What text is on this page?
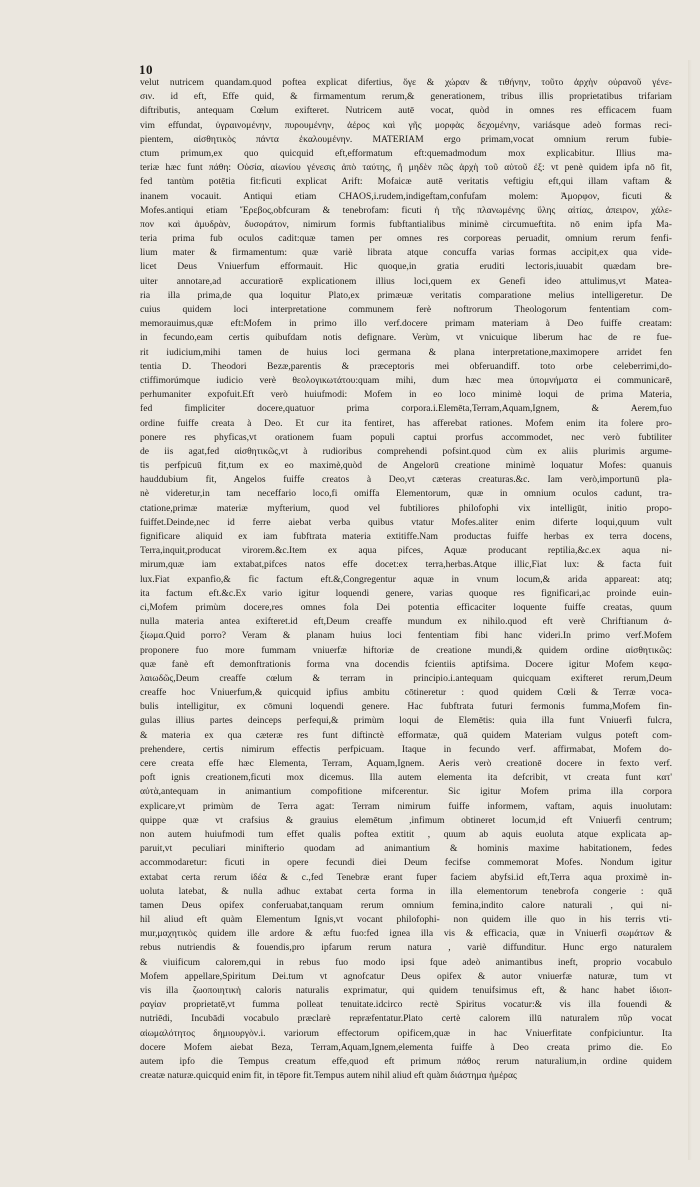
10
velut nutricem quandam.quod poftea explicat difertius, ὅγε & χώραν & τιθήνην, τοῦτο ἀρχὴν οὐρανοῦ γένε-
σιν. id eft, Effe quid, & firmamentum rerum,& generationem, tribus illis proprietatibus trifariam
diftributis, antequam Cœlum exifteret. Nutricem autē vocat, quòd in omnes res efficacem fuam
vim effundat, ὑγραινομένην, πυρουμένην, ἀέρος καὶ γῆς μορφὰς δεχομένην, variásque adeò formas reci-
pientem, αἰσθητικὸς πάντα ἐκαλουμένην. MATERIAM ergo primam,vocat omnium rerum fubie-
ctum primum,ex quo quicquid eft,efformatum eft:quemadmodum mox explicabitur. Illius ma-
teriæ hæc funt πάθη: Οὐσία, αἰωνίου γένεσις ἀπὸ ταύτης, ἢ μηδὲν πῶς ἀρχὴ τοῦ αὐτοῦ ἐξ: vt penè quidem ipfa nō fit,
fed tantùm potētia fit:ficuti explicat Arift: Mofaicæ autē veritatis veftigiu eft,qui illam vaftam &
inanem vocauit. Antiqui etiam CHAOS,i.rudem,indigeftam,confufam molem: Ἀμορφον, ficuti &
Mofes.antiqui etiam Ἔρεβος,obfcuram & tenebrofam: ficuti ἡ τῆς πλανωμένης ὕλης αἰτίας, ἀπειρον, χάλε-
πον καὶ ἀμυδρὰν, δυσοράτον, nimirum formis fubftantialibus minimè circumueftita. nō enim ipfa Ma-
teria prima fub oculos cadit:quæ tamen per omnes res corporeas peruadit, omnium rerum fenfi-
lium mater & firmamentum: quæ variè librata atque concuffa varias formas accipit,ex qua vide-
licet Deus Vniuerfum efformauit. Hic quoque,in gratia eruditi lectoris,iuuabit quædam bre-
uiter annotare,ad accuratiorē explicationem illius loci,quem ex Genefi ideo attulimus,vt Matea-
ria illa prima,de qua loquitur Plato,ex primæuæ veritatis comparatione melius intelligeretur. De
cuius quidem loci interpretatione communem ferè noftrorum Theologorum fententiam com-
memorauimus,quæ eft:Mofem in primo illo verf.docere primam materiam à Deo fuiffe creatam:
in fecundo,eam certis quibufdam notis defignare. Verùm, vt vnicuique liberum hac de re fue-
rit iudicium,mihi tamen de huius loci germana & plana interpretatione,maximopere arridet fen
tentia D. Theodori Bezæ,parentis & præceptoris mei obferuandiff. toto orbe celeberrimi,do-
ctiffimorúmque iudicio verè θεολογικωτάτου:quam mihi, dum hæc mea ὑπομνήματα ei communicarē,
perhumaniter expofuit.Eft verò huiufmodi: Mofem in eo loco minimè loqui de prima Materia,
fed fimpliciter docere,quatuor prima corpora.i.Elemēta,Terram,Aquam,Ignem, & Aerem,fuo
ordine fuiffe creata à Deo. Et cur ita fentiret, has afferebat rationes. Mofem enim ita folere pro-
ponere res phyficas,vt orationem fuam populi captui prorfus accommodet, nec verò fubtiliter
de iis agat,fed αἰσθητικῶς,vt à rudioribus comprehendi pofsint.quod cùm ex aliis plurimis argume-
tis perfpicuū fit,tum ex eo maximè,quòd de Angelorū creatione minimè loquatur Mofes: quanuis
hauddubium fit, Angelos fuiffe creatos à Deo,vt cæteras creaturas.&c. Iam verò,importunū pla-
nè videretur,in tam neceffario loco,fi omiffa Elementorum, quæ in omnium oculos cadunt, tra-
ctatione,primæ materiæ myfterium, quod vel fubtiliores philofophi vix intelligūt, initio propo-
fuiffet.Deinde,nec id ferre aiebat verba quibus vtatur Mofes.aliter enim diferte loqui,quum vult
fignificare aliquid ex iam fubftrata materia extitiffe.Nam productas fuiffe herbas ex terra docens,
Terra,inquit,producat virorem.&c.Item ex aqua pifces, Aquæ producant reptilia,&c.ex aqua ni-
mirum,quæ iam extabat,pifces natos effe docet:ex terra,herbas.Atque illic,Fiat lux: & facta fuit
lux.Fiat expanfio,& fic factum eft.&,Congregentur aquæ in vnum locum,& arida appareat: atq;
ita factum eft.&c.Ex vario igitur loquendi genere, varias quoque res fignificari,ac proinde euin-
ci,Mofem primùm docere,res omnes fola Dei potentia efficaciter loquente fuiffe creatas, quum
nulla materia antea exifteret.id eft,Deum creaffe mundum ex nihilo.quod eft verè Chriftianum ἀ-
ξίωμα.Quid porro? Veram & planam huius loci fententiam fibi hanc videri.In primo verf.Mofem
proponere fuo more fummam vniuerfæ hiftoriæ de creatione mundi,& quidem ordine αἰσθητικῶς:
quæ fanè eft demonftrationis forma vna docendis fcientiis aptifsima. Docere igitur Mofem κεφα-
λαιωδῶς,Deum creaffe cœlum & terram in principio.i.antequam quicquam exifteret rerum,Deum
creaffe hoc Vniuerfum,& quicquid ipfius ambitu cōtineretur : quod quidem Cœli & Terræ voca-
bulis intelligitur, ex cōmuni loquendi genere. Hac fubftrata futuri fermonis fumma,Mofem fin-
gulas illius partes deinceps perfequi,& primùm loqui de Elemētis: quia illa funt Vniuerfi fulcra,
& materia ex qua cæteræ res funt diftinctè efformatæ, quā quidem Materiam vulgus poteft com-
prehendere, certis nimirum effectis perfpicuam. Itaque in fecundo verf. affirmabat, Mofem do-
cere creata effe hæc Elementa, Terram, Aquam,Ignem. Aeris verò creationē docere in fexto verf.
poft ignis creationem,ficuti mox dicemus. Illa autem elementa ita defcribit, vt creata funt κατ'
αὐτὰ,antequam in animantium compofitione mifcerentur. Sic igitur Mofem prima illa corpora
explicare,vt primùm de Terra agat: Terram nimirum fuiffe informem, vaftam, aquis inuolutam:
quippe quæ vt crafsius & grauius elemētum ,infimum obtineret locum,id eft Vniuerfi centrum;
non autem huiufmodi tum effet qualis poftea extitit , quum ab aquis euoluta atque explicata ap-
paruit,vt peculiari minifterio quodam ad animantium & hominis maxime habitationem, fedes
accommodaretur: ficuti in opere fecundi diei Deum fecifse commemorat Mofes. Nondum igitur
extabat certa rerum ἰδέα & c.,fed Tenebræ erant fuper faciem abyfsi.id eft,Terra aqua proximè in-
uoluta latebat, & nulla adhuc extabat certa forma in illa elementorum tenebrofa congerie : quā
tamen Deus opifex conferuabat,tanquam rerum omnium femina,indito calore naturali , qui ni-
hil aliud eft quàm Elementum Ignis,vt vocant philofophi- non quidem ille quo in his terris vti-
mur,μαχητικὸς quidem ille ardore & æftu fuo:fed ignea illa vis & efficacia, quæ in Vniuerfi σωμάτων &
rebus nutriendis & fouendis,pro ipfarum rerum natura , variè diffunditur. Hunc ergo naturalem
& viuificum calorem,qui in rebus fuo modo ipsi fque adeò animantibus ineft, proprio vocabulo
Mofem appellare,Spiritum Dei.tum vt agnofcatur Deus opifex & autor vniuerfæ naturæ, tum vt
vis illa ζωοποιητικὴ caloris naturalis exprimatur, qui quidem tenuifsimus eft, & hanc habet ἰδιοπ-
ραγίαν proprietatē,vt fumma polleat tenuitate.idcirco rectè Spiritus vocatur:& vis illa fouendi &
nutriēdi, Incubādi vocabulo præclarè repræfentatur.Plato certè calorem illū naturalem πῦρ vocat
αἰωμαλότητος δημιουργὸν.i. variorum effectorum opificem,quæ in hac Vniuerfitate confpiciuntur. Ita
docere Mofem aiebat Beza, Terram,Aquam,Ignem,elementa fuiffe à Deo creata primo die. Eo
autem ipfo die Tempus creatum effe,quod eft primum πάθος rerum naturalium,in ordine quidem
creatæ naturæ.quicquid enim fit, in tēpore fit.Tempus autem nihil aliud eft quàm διάστημα ἡμέρας
